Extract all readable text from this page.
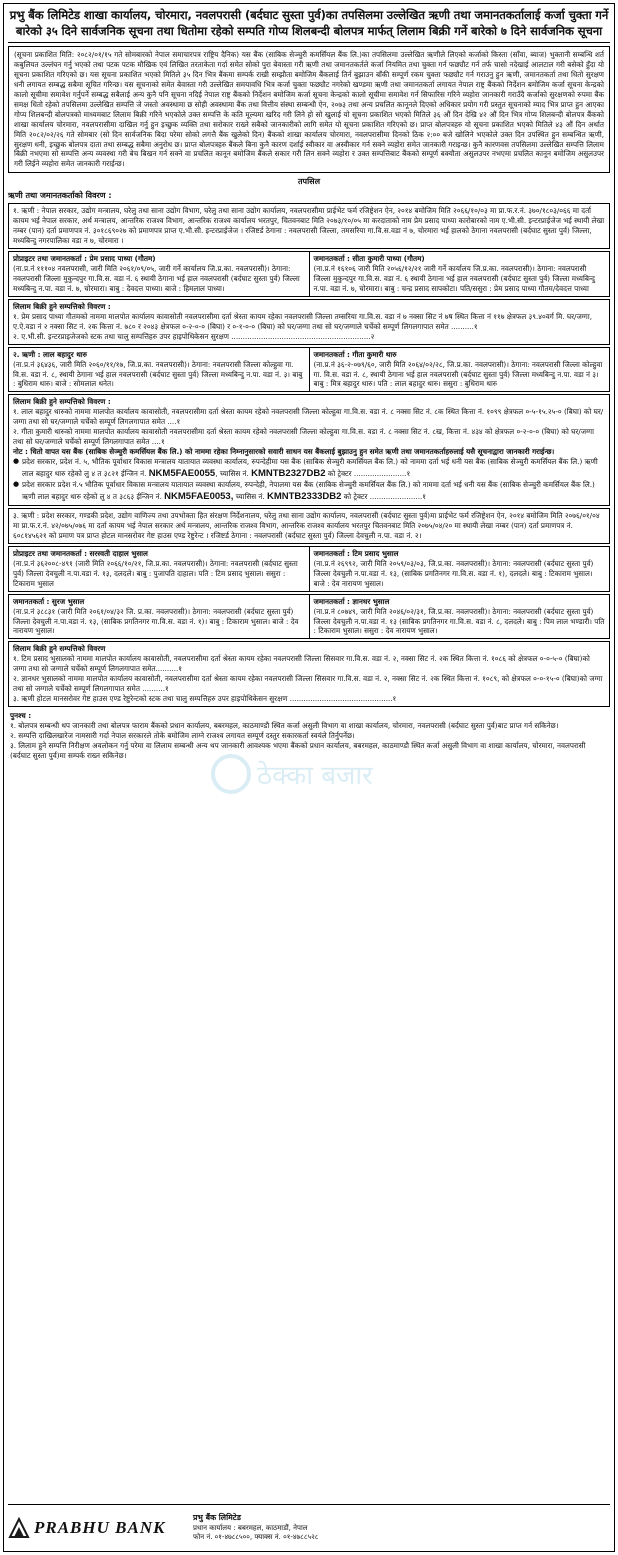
प्रभु बैंक लिमिटेड शाखा कार्यालय, चोरमारा, नवलपरासी (बर्दघाट सुस्ता पुर्व)का तपसिलमा उल्लेखित ऋणी तथा जमानतकर्तालाई कर्जा चुक्ता गर्ने बारेको ३५ दिने सार्वजनिक सूचना तथा धितोमा रहेको सम्पति गोप्य शिलबन्दी बोलपत्र मार्फत् लिलाम बिक्री गर्ने बारेको ७ दिने सार्वजनिक सूचना

(सूचना प्रकाशित मिति: २०८२/०१/१५ गते सोमबारको नेपाल समाचारपत्र राष्ट्रिय दैनिक) यस बैंक (साबिक सेञ्चुरी कमर्सियल बैंक लि.)का तपसिलमा उल्लेखित ऋणीले लिएको कर्जाको किस्ता (साँवा, ब्याज) भुक्तानी सम्बन्धि शर्त कबुलियत उल्लंघन गर्नु भएको तथा पटक पटक मौखिक एवं लिखित तरताकेता गर्दा समेत सोको पुरा बेवास्ता गरी ऋणी तथा जमानतकर्तले कर्जा नियमित तथा चुक्ता गर्न फछ्यौट गर्न तर्फ चासो नदेखाई आलटाल गरी बसेको हुँदा यो सूचना प्रकाशित गरिएको छ। यस सूचना प्रकाशित भएको मितिले ३५ दिन भित्र बैंकमा सम्पर्क राखी सम्झौता बमोजिम बैंकलाई तिर्न बुझाउन बाँकी सम्पूर्ण रकम चुक्ता फछ्यौट गर्न गराउनु हुन ऋणी, जमानतकर्ता तथा धितो सुरक्षण धनी लगायत सम्बद्ध सबैमा सूचित गरिन्छ। यस सूचनाको समेत बेवास्ता गरी उल्लेखित समयावधि भित्र कर्जा चुक्ता फछ्यौट नगरेको खण्डमा ऋणी तथा जमानतकर्ता लगायत नेपाल राष्ट्र बैंकको निर्देशन बमोजिम कर्जा सूचना केन्द्रको कालो सूचीमा समावेश गर्नुपर्ने सम्बद्ध सबैलाई अन्य कुनै पनि सूचना नदिई नेपाल राष्ट्र बैंकको निर्देशन बमोजिम कर्जा सूचना केन्द्रको कालो सूचीमा समावेश गर्न सिफारिस गरिने व्यहोरा जानकारी गराउँदै कर्जाको सुरक्षणको रुपमा बैंक समक्ष धितो रहेको तपसिलमा उल्लेखित सम्पत्ति जे जस्तो अवस्थामा छ सोही अवस्थामा बैंक तथा वित्तीय संस्था सम्बन्धी ऐन, २०७३ तथा अन्य प्रचलित कानूनले दिएको अधिकार प्रयोग गरी प्रस्तुत सूचनाको म्याद भित्र प्राप्त हुन आएका गोप्य शिलबन्दी बोलपत्रको माध्यमबाट लिलाम बिक्री गरिने भएकोले उक्त सम्पत्ति के कति मूल्यमा खरिद गरी लिने हो सो खुलाई यो सूचना प्रकाशित भएको मितिले ३६ औं दिन देखि ४२ औं दिन भित्र गोप्य शिलबन्दी बोलपत्र बैंकको शाखा कार्यालय चोरमारा, नवलपरासीमा दाखिल गर्नु हुन इच्छुक व्यक्ति तथा सरोकार राख्ने सबैको जानकारीको लागि समेत यो सूचना प्रकाशित गरिएको छ। प्राप्त बोलपत्रहरु यो सूचना प्रकाशित भएको मितिले ४३ औं दिन अर्थात मिति २०८२/०२/२६ गते सोमबार (सो दिन सार्वजनिक बिदा परेमा सोको लगत्तै बैंक खुलेको दिन) बैंकको शाखा कार्यालय चोरमारा, नवलपरासीमा दिनको ठिक २:०० बजे खोलिने भएकोले उक्त दिन उपस्थित हुन सम्बन्धित ऋणी, सुरक्षण धनी, इच्छुक बोलपत्र दाता तथा सम्बद्ध सबैमा अनुरोध छ। प्राप्त बोलपत्रहरु बैंकले बिना कुनै कारण दर्शाई स्वीकार वा अस्वीकार गर्न सक्ने व्यहोरा समेत जानकारी गराइन्छ। कुनै कारणवस तपसिलमा उल्लेखित सम्पत्ति लिलाम बिक्री नभएमा सो सम्पत्ति अन्य व्यवस्था गरी बेच बिखन गर्न सक्ने वा प्रचलित कानून बमोजिम बैंकले सकार गरी लिन सक्ने व्यहोरा र उक्त सम्पत्तिबाट बैंकको सम्पूर्ण बक्यौता असुलउपर नभएमा प्रचलित कानून बमोजिम असुलउपर गरी लिईने व्यहोरा समेत जानकारी गराईन्छ।

तपसिल
ऋणी तथा जमानतकर्ताको विवरण :
१. ऋणी : नेपाल सरकार, उद्योग मन्त्रालय, घरेलु तथा साना उद्योग विभाग, घरेलु तथा साना उद्योग कार्यालय, नवलपरासीमा प्राईभेट फर्म रजिष्ट्रेशन ऐन, २०१४ बमोजिम मिति २०६६/१०/०३ मा प्रा.फ.र.नं. ३७०/१८०३/०६६ मा दर्ता कायम भई नेपाल सरकार, अर्थ मन्त्रालय, आन्तरिक राजश्व विभाग, आन्तरिक राजश्व कार्यालय भरतपुर, चितवनबाट मिति २०७३/१०/०५ मा करदाताको नाम प्रेम प्रसाद पाध्या कारोबारको नाम ए.भी.सी. इन्टरप्राईजेज भई स्थायी लेखा नम्बर (पान) दर्ता प्रमाणपत्र नं. ३०१८६९०२७ को प्रमाणपत्र प्राप्त ए.भी.सी. इन्टरप्राईजेज । रजिष्टर्ड ठेगाना : नवलपरासी जिल्ला, तमसरिया गा.वि.स.वडा नं ७, चोरमारा भई हालको ठेगाना नवलपरासी (बर्दघाट सुस्ता पुर्व) जिल्ला, मध्यबिन्दु नगरपालिका वडा न ७, चोरमारा ।
प्रोप्राइटर तथा जमानतकर्ता : प्रेम प्रसाद पाध्या (गौतम)
(ना.प्र.नं १११०४ नवलपरासी, जारी मिति २०६१/०९/०५, जारी गर्ने कार्यालय जि.प्र.का. नवलपरासी)। ठेगाना: नवलपरासी जिल्ला मुकुन्दपुर गा.वि.स. वडा नं. ६ स्थायी ठेगाना भई हाल नवलपरासी (बर्दघाट सुस्ता पुर्व) जिल्ला मध्यबिन्दु न.पा. वडा नं. ७, चोरमारा। बाबु : देवदत्त पाध्या। बाजे : हिमलाल पाध्या।
जमानतकर्ता : सीता कुमारी पाध्या (गौतम)
(ना.प्र.नं १६१०६ जारी मिति २०५६/१२/२१ जारी गर्ने कार्यालय जि.प्र.का. नवलपरासी)। ठेगाना: नवलपरासी जिल्ला मुकुन्दपुर गा.वि.स. वडा नं. ६ स्थायी ठेगाना भई हाल नवलपरासी (बर्दघाट सुस्ता पुर्व) जिल्ला मध्यबिन्दु न.पा. वडा नं. ७, चोरमारा। बाबु : चन्द्र प्रसाद सापकोटा। पति/ससुरा : प्रेम प्रसाद पाध्या गौतम/देवदत्त पाध्या
लिलाम बिक्री हुने सम्पत्तिको विवरण :
१. प्रेम प्रसाद पाध्या गौतमको नाममा मालपोत कार्यालय कावासोती नवलपरासीमा दर्ता श्रेस्ता कायम रहेका नवलपरासी जिल्ला तम्सरिया गा.वि.स. वडा नं ७ नक्सा सिट नं ७ष स्थित कित्ता नं ११७ क्षेत्रफल ३९.४०वर्ग मि. घर/जग्गा, ए.ऐ.वडा नं २ नक्सा सिट नं. २क कित्ता नं. ७८० र २०४३ क्षेत्रफल ०-२-०-० (बिघा) र ०-१-०-० (बिघा) को घर/जग्गा तथा सो घर/जग्गाले चर्चेको सम्पूर्ण लिगलगापात समेत ..........१
२. ए.भी.सी. इन्टरप्राइजेजको स्टक तथा चालु सम्पत्तिहरु उपर हाइपोथिकेसन सुरक्षण .............................................................२
२. ऋणी : लाल बहादुर थारु
(ना.प्र.नं ३६४३६, जारी मिति २०६०/११/१७, जि.प्र.का. नवलपरासी)। ठेगाना: नवलपरासी जिल्ला कोल्हुवा गा. वि.स. वडा नं. ८, स्थायी ठेगाना भई हाल नवलपरासी (बर्दघाट सुस्ता पुर्व) जिल्ला मध्यबिन्दु न.पा. वडा नं. ३। बाबु : बुधिराम थारु। बाजे : सोमलाल थनेत।
जमानतकर्ता : गीता कुमारी थारु
(ना.प्र.नं ३६-२-०७९/६०, जारी मिति २०६४/०२/२८, जि.प्र.का. नवलपरासी)। ठेगाना: नवलपरासी जिल्ला कोल्हुवा गा. वि.स. वडा नं. ८, स्थायी ठेगाना भई हाल नवलपरासी (बर्दघाट सुस्ता पुर्व) जिल्ला मध्यबिन्दु न.पा. वडा नं ३। बाबु : मित्र बहादुर थारु। पति : लाल बहादुर थारु। ससुरा : बुधिराम थारु
लिलाम बिक्री हुने सम्पत्तिको विवरण :
१. लाल बहादुर थारुको नाममा मालपोत कार्यालय कावासोती, नवलपरासीमा दर्ता श्रेस्ता कायम रहेको नवलपरासी जिल्ला कोल्हुवा गा.वि.स. वडा नं. ८ नक्सा सिट नं. ८क स्थित कित्ता नं. १०९९ क्षेत्रफल ०-५-१५.२५-० (बिघा) को घर/जग्गा तथा सो घर/जग्गाले चर्चेको सम्पूर्ण लिगलगापात समेत ....१
२. गीता कुमारी थारुको नाममा मालपोत कार्यालय कावासोती नवलपरासीमा दर्ता श्रेस्ता कायम रहेको नवलपरासी जिल्ला कोल्हुवा गा.वि.स. वडा नं. ८ नक्सा सिट नं. ८ख, कित्ता नं. ४३४ को क्षेत्रफल ०-२-०-० (बिघा) को घर/जग्गा तथा सो घर/जग्गाले चर्चेको सम्पूर्ण लिगलगापात समेत ....१
नोट : धितो वापत यस बैंक (साबिक सेञ्चुरी कमर्सियल बैंक लि.) को नाममा रहेका निम्नानुसारको सवारी साधन यस बैंकलाई बुझाउनु हुन समेत ऋणी तथा जमानतकर्ताहरुलाई यसै सूचनाद्वारा जानकारी गराईन्छ।
● प्रदेश सरकार, प्रदेश नं. ५, भौतिक पूर्वाधार विकास मन्त्रालय यातायात व्यवस्था कार्यालय, रुपन्देहीमा यस बैंक (साबिक सेञ्चुरी कमर्सियल बैंक लि.) को नाममा दर्ता भई धनी यस बैंक (साबिक सेञ्चुरी कमर्सियल बैंक लि.) ऋणी लाल बहादुर थारु रहेको लु ४ त ३८२१ ईन्जिन नं. NKM5FAE0055, च्यासिस नं. KMNTB2327DB2 को ट्रेक्टर .......................१
● प्रदेश सरकार प्रदेश नं.५ भौतिक पूर्वाधार विकास मन्त्रालय यातायात व्यवस्था कार्यालय, रुपन्देही, नेपालमा यस बैंक (साबिक सेञ्चुरी कमर्सियल बैंक लि.) को नाममा दर्ता भई धनी यस बैंक (साबिक सेञ्चुरी कमर्सियल बैंक लि.) ऋणी लाल बहादुर थारु रहेको लु ४ त ३८६३ ईन्जिन नं. NKM5FAE0053, च्यासिस नं. KMNTB2333DB2 को ट्रेक्टर .......................१
३. ऋणी : प्रदेश सरकार, गण्डकी प्रदेश, उद्योग वाणिज्य तथा उपभोक्ता हित संरक्षण निर्देशनालय, घरेलु तथा साना उद्योग कार्यालय, नवलपरासी (बर्दघाट सुस्ता पुर्व)मा प्राईभेट फर्म रजिष्ट्रेशन ऐन, २०१४ बमोजिम मिति २०७६/०१/०४ मा प्रा.फ.र.नं. ४२/०७५/०७६ मा दर्ता कायम भई नेपाल सरकार अर्थ मन्त्रालय, आन्तरिक राजश्व विभाग, आन्तरिक राजश्व कार्यालय भरतपुर चितवनबाट मिति २०७५/०४/२० मा स्थायी लेखा नम्बर (पान) दर्ता प्रमाणपत्र नं. ६०८१४५६२१ को प्रमाण पत्र प्राप्त होटल मानसरोवर गेष्ट हाउस एण्ड रेष्टुरेन्ट । रजिष्टर्ड ठेगाना : नवलपरासी (बर्दघाट सुस्ता पुर्व) जिल्ला देवचुली न.पा. वडा नं. २।
प्रोप्राइटर तथा जमानतकर्ता : सरस्वती दाहाल भुसाल
(ना.प्र.नं ३६२००८-४९१ (जारी मिति २०६६/१०/२१, जि.प्र.का. नवलपरासी)। ठेगाना: नवलपरासी (बर्दघाट सुस्ता पुर्व) जिल्ला देवचुली न.पा.वडा नं. १३, दलदले। बाबु : पुजापति दाहाल। पति : टिम प्रसाद भुसाल। ससुरा : टिकाराम भुसाल
जमानतकर्ता : टिम प्रसाद भुसाल
(ना.प्र.नं २६९९२, जारी मिति २०५९/०३/०३, जि.प्र.का. नवलपरासी)। ठेगाना: नवलपरासी (बर्दघाट सुस्ता पुर्व) जिल्ला देवचुली न.पा.वडा नं. १३, (साबिक प्रगतिनगर गा.वि.स. वडा नं. १), दलदले। बाबु : टिकाराम भुसाल। बाजे : देव नारायण भुसाल।
जमानतकर्ता : सुरज भुसाल
(ना.प्र.नं ३८८३१ (जारी मिति २०६१/०४/३२ जि. प्र.का. नवलपरासी)। ठेगाना: नवलपरासी (बर्दघाट सुस्ता पुर्व) जिल्ला देवचुली न.पा.वडा नं. १३, (साबिक प्रगतिनगर गा.वि.स. वडा नं. १)। बाबु : टिकाराम भुसाल। बाजे : देव नारायण भुसाल।
जमानतकर्ता : ज्ञानधर भुसाल
(ना.प्र.नं ८०७४९, जारी मिति २०४६/०२/३१, जि.प्र.का. नवलपरासी)। ठेगाना: नवलपरासी (बर्दघाट सुस्ता पुर्व) जिल्ला देवचुली न.पा.वडा नं. १३ (साबिक प्रगतिनगर गा.वि.स. वडा नं. ८, दलदले। बाबु : पिम लाल भण्डारी। पति : टिकाराम भुसाल। ससुरा : देव नारायण भुसाल।
लिलाम बिक्री हुने सम्पत्तिको विवरण
१. टिम प्रसाद भुसालको नाममा मालपोत कार्यालय कावासोती, नवलपरासीमा दर्ता श्रेस्ता कायम रहेका नवलपरासी जिल्ला सिसवार गा.वि.स. वडा नं. २, नक्सा सिट नं. २क स्थित कित्ता नं. १०८६ को क्षेत्रफल ०-०-५-० (बिघा)को जग्गा तथा सो जग्गाले चर्चेको सम्पूर्ण लिगलगापात समेत..........१
२. ज्ञानधर भुसालको नाममा मालपोत कार्यालय कावासोती, नवलपरासीमा दर्ता श्रेस्ता कायम रहेका नवलपरासी जिल्ला सिसवार गा.वि.स. वडा नं. २, नक्सा सिट नं. २क स्थित कित्ता नं. १०८९, को क्षेत्रफल ०-०-१५-० (बिघा)को जग्गा तथा सो जग्गाले चर्चेको सम्पूर्ण लिगलगापात समेत ..........१
३. ऋणी होटल मानसरोवर गेष्ट हाउस एण्ड रेष्टुरेन्टको स्टक तथा चालु सम्पत्तिहरु उपर हाइपोथिकेसन सुरक्षण .............................................१
पुनश्च :
१. बोलपत्र सम्बन्धी थप जानकारी तथा बोलपत्र फाराम बैंकको प्रधान कार्यालय, बबरमहल, काठमाण्डौ स्थित कर्जा असुली विभाग वा शाखा कार्यालय, चोरमारा, नवलपरासी (बर्दघाट सुस्ता पुर्व)बाट प्राप्त गर्न सकिनेछ।
२. सम्पत्ति दाखिलखारेज नामसारी गर्दा नेपाल सरकारले तोके बमोजिम लाग्ने राजश्व लगायत सम्पूर्ण दस्तुर सकारकर्ता स्वयंले तिर्नुपर्नेछ।
३. लिलाम हुने सम्पत्ति निरीक्षण अवलोकन गर्नु परेमा वा लिलाम सम्बन्धी अन्य थप जानकारी आवश्यक भएमा बैंकको प्रधान कार्यालय, बबरमहल, काठमाण्डौ स्थित कर्जा असुली विभाग वा शाखा कार्यालय, चोरमारा, नवलपरासी (बर्दघाट सुस्ता पुर्व)मा सम्पर्क राख्न सकिनेछ।
PRABHU BANK
प्रभु बैंक लिमिटेड
प्रधान कार्यालय : बबरमहल, काठमाडौं, नेपाल
फोन नं. ०१-४७८८५००, फ्याक्स नं. ०१-४७८८५२८
ठेक्का बजार
